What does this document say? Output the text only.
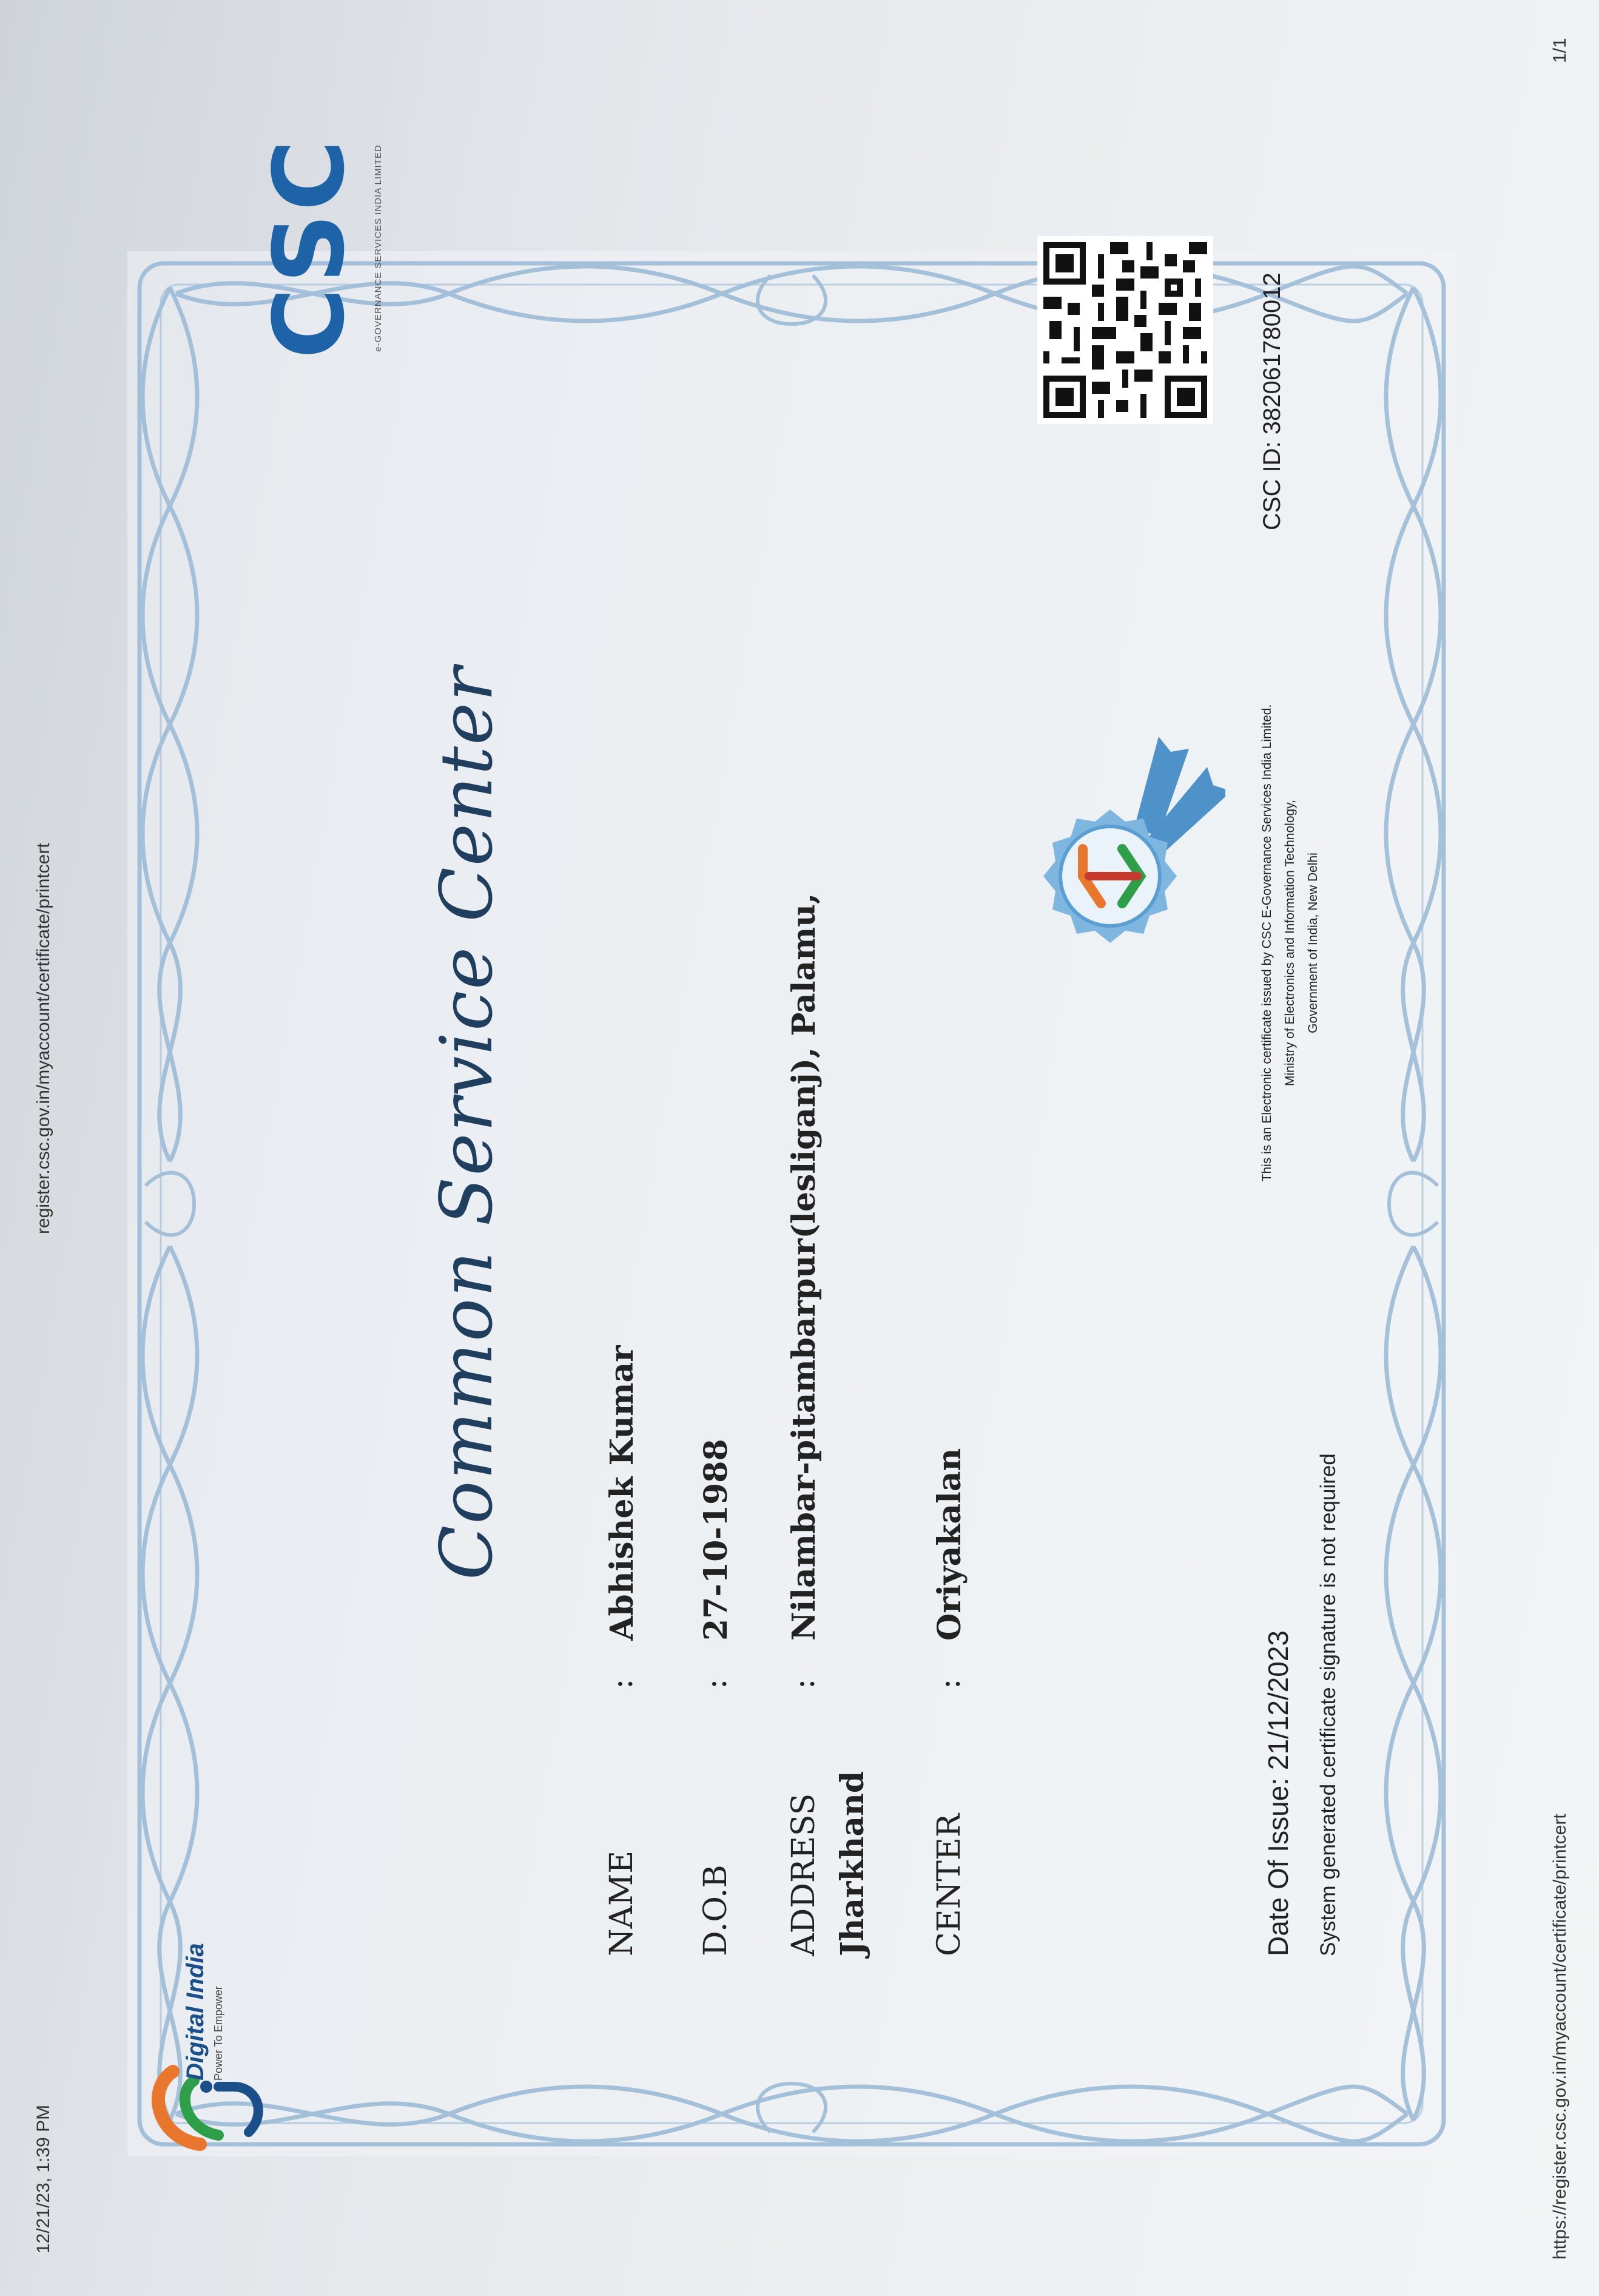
12/21/23, 1:39 PM
register.csc.gov.in/myaccount/certificate/printcert
https://register.csc.gov.in/myaccount/certificate/printcert
1/1
Digital India Power To Empower
CSC e-GOVERNANCE SERVICES INDIA LIMITED
Common Service Center
NAME
:
Abhishek Kumar
D.O.B
:
27-10-1988
ADDRESS
:
Nilambar-pitambarpur(lesliganj), Palamu,
Jharkhand CENTER
:
Oriyakalan
Date Of Issue: 21/12/2023 System generated certificate signature is not required
This is an Electronic certificate issued by CSC E-Governance Services India Limited. Ministry of Electronics and Information Technology, Government of India, New Delhi
CSC ID: 382061780012
